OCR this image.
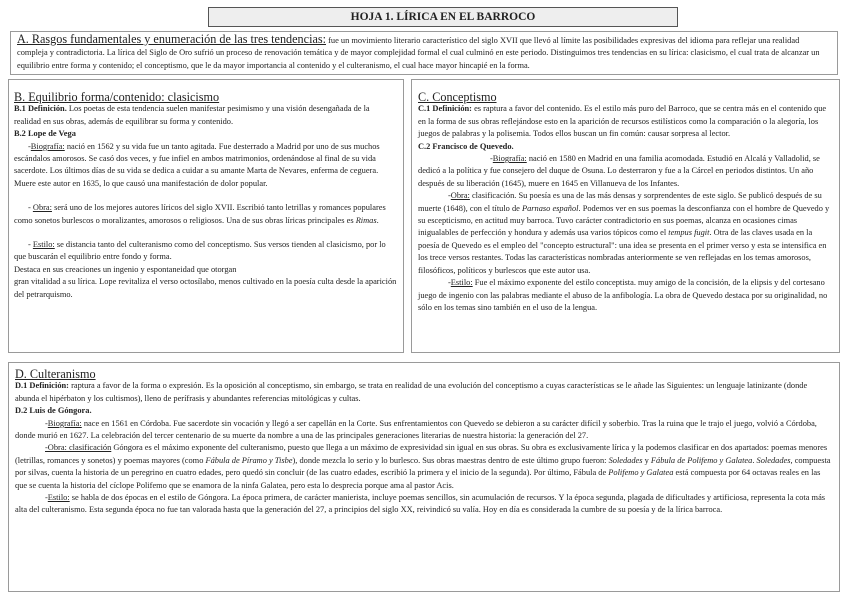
HOJA 1. LÍRICA EN EL BARROCO

A. Rasgos fundamentales y enumeración de las tres tendencias: fue un movimiento literario característico del siglo XVII que llevó al límite las posibilidades expresivas del idioma para reflejar una realidad compleja y contradictoria. La lírica del Siglo de Oro sufrió un proceso de renovación temática y de mayor complejidad formal el cual culminó en este periodo. Distinguimos tres tendencias en su lírica: clasicismo, el cual trata de alcanzar un equilibrio entre forma y contenido; el conceptismo, que le da mayor importancia al contenido y el culteranismo, el cual hace mayor hincapié en la forma.

B. Equilibrio forma/contenido: clasicismo

B.1 Definición. Los poetas de esta tendencia suelen manifestar pesimismo y una visión desengañada de la realidad en sus obras, además de equilibrar su forma y contenido.

B.2 Lope de Vega

-Biografía: nació en 1562 y su vida fue un tanto agitada. Fue desterrado a Madrid por uno de sus muchos escándalos amorosos. Se casó dos veces, y fue infiel en ambos matrimonios, ordenándose al final de su vida sacerdote. Los últimos días de su vida se dedica a cuidar a su amante Marta de Nevares, enferma de ceguera. Muere este autor en 1635, lo que causó una manifestación de dolor popular.

- Obra: será uno de los mejores autores líricos del siglo XVII. Escribió tanto letrillas y romances populares como sonetos burlescos o moralizantes, amorosos o religiosos. Una de sus obras líricas principales es Rimas.

- Estilo: se distancia tanto del culteranismo como del conceptismo. Sus versos tienden al clasicismo, por lo que buscarán el equilibrio entre fondo y forma.

Destaca en sus creaciones un ingenio y espontaneidad que otorgan

gran vitalidad a su lírica. Lope revitaliza el verso octosílabo, menos cultivado en la poesía culta desde la aparición del petrarquismo.

C. Conceptismo

C.1 Definición: es raptura a favor del contenido. Es el estilo más puro del Barroco, que se centra más en el contenido que en la forma de sus obras reflejándose esto en la aparición de recursos estilísticos como la comparación o la alegoría, los juegos de palabras y la polisemia. Todos ellos buscan un fin común: causar sorpresa al lector.

C.2 Francisco de Quevedo.

-Biografía: nació en 1580 en Madrid en una familia acomodada. Estudió en Alcalá y Valladolid, se dedicó a la política y fue consejero del duque de Osuna. Lo desterraron y fue a la Cárcel en periodos distintos. Un año después de su liberación (1645), muere en 1645 en Villanueva de los Infantes.

-Obra: clasificación. Su poesía es una de las más densas y sorprendentes de este siglo. Se publicó después de su muerte (1648), con el título de Parnaso español. Podemos ver en sus poemas la desconfianza con el hombre de Quevedo y su escepticismo, en actitud muy barroca. Tuvo carácter contradictorio en sus poemas, alcanza en ocasiones cimas inigualables de perfección y hondura y además usa varios tópicos como el tempus fugit. Otra de las claves usada en la poesía de Quevedo es el empleo del "concepto estructural": una idea se presenta en el primer verso y esta se intensifica en los trece versos restantes. Todas las características nombradas anteriormente se ven reflejadas en los temas amorosos, filosóficos, políticos y burlescos que este autor usa.

-Estilo: Fue el máximo exponente del estilo conceptista. muy amigo de la concisión, de la elipsis y del cortesano juego de ingenio con las palabras mediante el abuso de la anfibología. La obra de Quevedo destaca por su originalidad, no sólo en los temas sino también en el uso de la lengua.

D. Culteranismo

D.1 Definición: raptura a favor de la forma o expresión. Es la oposición al conceptismo, sin embargo, se trata en realidad de una evolución del conceptismo a cuyas características se le añade las Siguientes: un lenguaje latinizante (donde abunda el hipérbaton y los cultismos), lleno de perífrasis y abundantes referencias mitológicas y cultas.

D.2 Luis de Góngora.

-Biografía: nace en 1561 en Córdoba. Fue sacerdote sin vocación y llegó a ser capellán en la Corte. Sus enfrentamientos con Quevedo se debieron a su carácter difícil y soberbio. Tras la ruina que le trajo el juego, volvió a Córdoba, donde murió en 1627. La celebración del tercer centenario de su muerte da nombre a una de las principales generaciones literarias de nuestra historia: la generación del 27.

-Obra: clasificación Góngora es el máximo exponente del culteranismo, puesto que llega a un máximo de expresividad sin igual en sus obras. Su obra es exclusivamente lírica y la podemos clasificar en dos apartados: poemas menores (letrillas, romances y sonetos) y poemas mayores (como Fábula de Píramo y Tisbe), donde mezcla lo serio y lo burlesco. Sus obras maestras dentro de este último grupo fueron: Soledades y Fábula de Polifemo y Galatea. Soledades, compuesta por silvas, cuenta la historia de un peregrino en cuatro edades, pero quedó sin concluir (de las cuatro edades, escribió la primera y el inicio de la segunda). Por último, Fábula de Polifemo y Galatea está compuesta por 64 octavas reales en las que se cuenta la historia del cíclope Polifemo que se enamora de la ninfa Galatea, pero esta lo desprecia porque ama al pastor Acis.

-Estilo: se habla de dos épocas en el estilo de Góngora. La época primera, de carácter manierista, incluye poemas sencillos, sin acumulación de recursos. Y la época segunda, plagada de dificultades y artificiosa, representa la cota más alta del culteranismo. Esta segunda época no fue tan valorada hasta que la generación del 27, a principios del siglo XX, reivindicó su valía. Hoy en día es considerada la cumbre de su poesía y de la lírica barroca.
